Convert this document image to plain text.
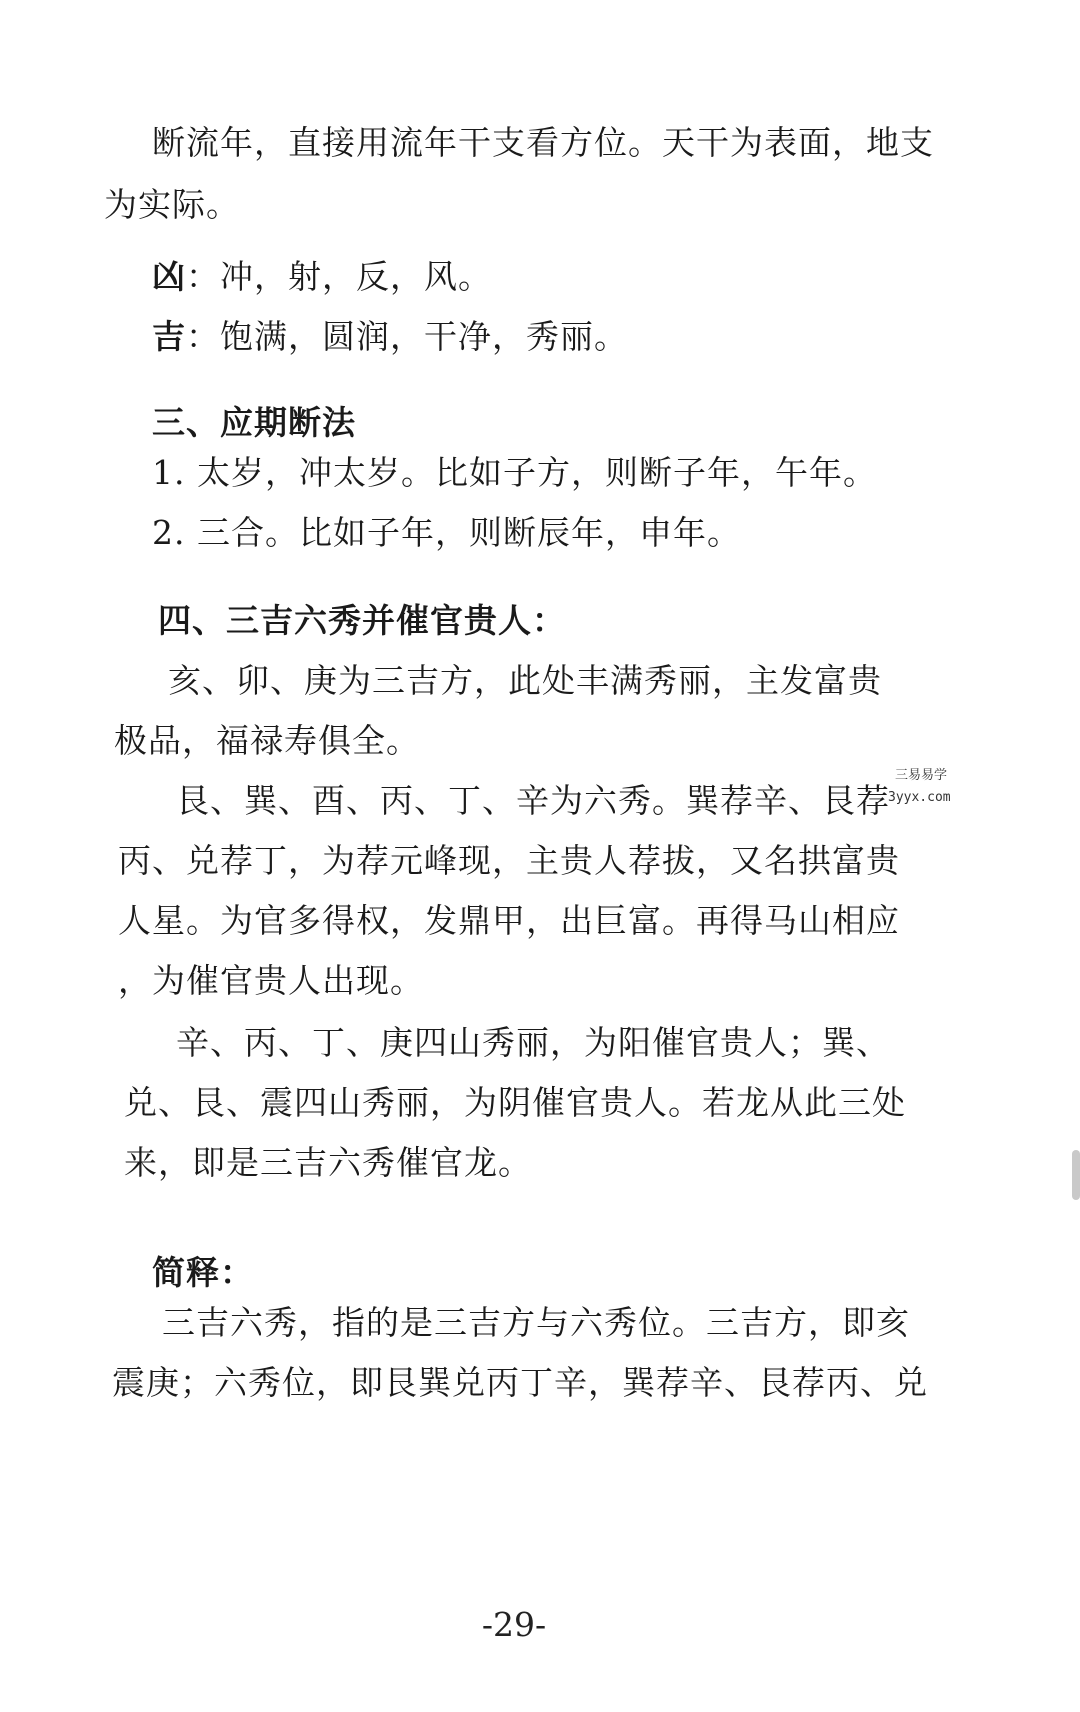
断流年，直接用流年干支看方位。天干为表面，地支
为实际。
凶：冲，射，反，风。
吉：饱满，圆润，干净，秀丽。
三、应期断法
1. 太岁，冲太岁。比如子方，则断子年，午年。
2. 三合。比如子年，则断辰年，申年。
四、三吉六秀并催官贵人：
亥、卯、庚为三吉方，此处丰满秀丽，主发富贵
极品，福禄寿俱全。
艮、巽、酉、丙、丁、辛为六秀。巽荐辛、艮荐
丙、兑荐丁，为荐元峰现，主贵人荐拔，又名拱富贵
人星。为官多得权，发鼎甲，出巨富。再得马山相应
，为催官贵人出现。
辛、丙、丁、庚四山秀丽，为阳催官贵人；巽、
兑、艮、震四山秀丽，为阴催官贵人。若龙从此三处
来，即是三吉六秀催官龙。
简释：
三吉六秀，指的是三吉方与六秀位。三吉方，即亥
震庚；六秀位，即艮巽兑丙丁辛，巽荐辛、艮荐丙、兑
三易易学
3yyx.com
-29-
